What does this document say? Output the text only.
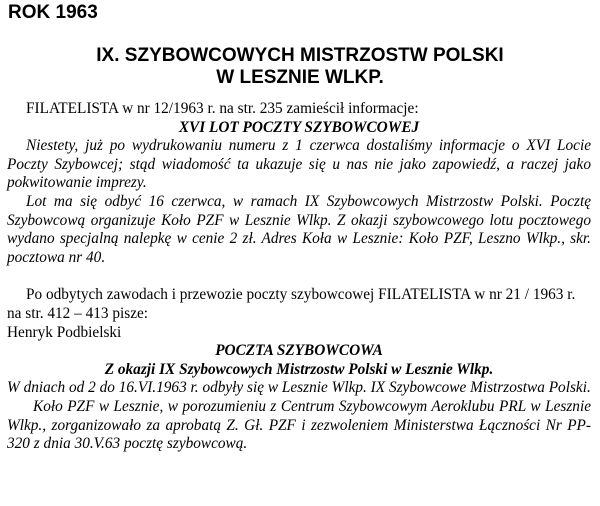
ROK 1963
IX. SZYBOWCOWYCH MISTRZOSTW POLSKI
W LESZNIE WLKP.

FILATELISTA w nr 12/1963 r. na str. 235 zamieścił informacje:

XVI LOT POCZTY SZYBOWCOWEJ

Niestety, już po wydrukowaniu numeru z 1 czerwca dostaliśmy informacje o XVI Locie Poczty Szybowcej; stąd wiadomość ta ukazuje się u nas nie jako zapowiedź, a raczej jako pokwitowanie imprezy.

Lot ma się odbyć 16 czerwca, w ramach IX Szybowcowych Mistrzostw Polski. Pocztę Szybowcową organizuje Koło PZF w Lesznie Wlkp. Z okazji szybowcowego lotu pocztowego wydano specjalną nalepkę w cenie 2 zł. Adres Koła w Lesznie: Koło PZF, Leszno Wlkp., skr. pocztowa nr 40.

Po odbytych zawodach i przewozie poczty szybowcowej FILATELISTA w nr 21 / 1963 r. na str. 412 – 413 pisze:

Henryk Podbielski

POCZTA SZYBOWCOWA

Z okazji IX Szybowcowych Mistrzostw Polski w Lesznie Wlkp.

W dniach od 2 do 16.VI.1963 r. odbyły się w Lesznie Wlkp. IX Szybowcowe Mistrzostwa Polski.

Koło PZF w Lesznie, w porozumieniu z Centrum Szybowcowym Aeroklubu PRL w Lesznie Wlkp., zorganizowało za aprobatą Z. Gł. PZF i zezwoleniem Ministerstwa Łączności Nr PP-320 z dnia 30.V.63 pocztę szybowcową.
